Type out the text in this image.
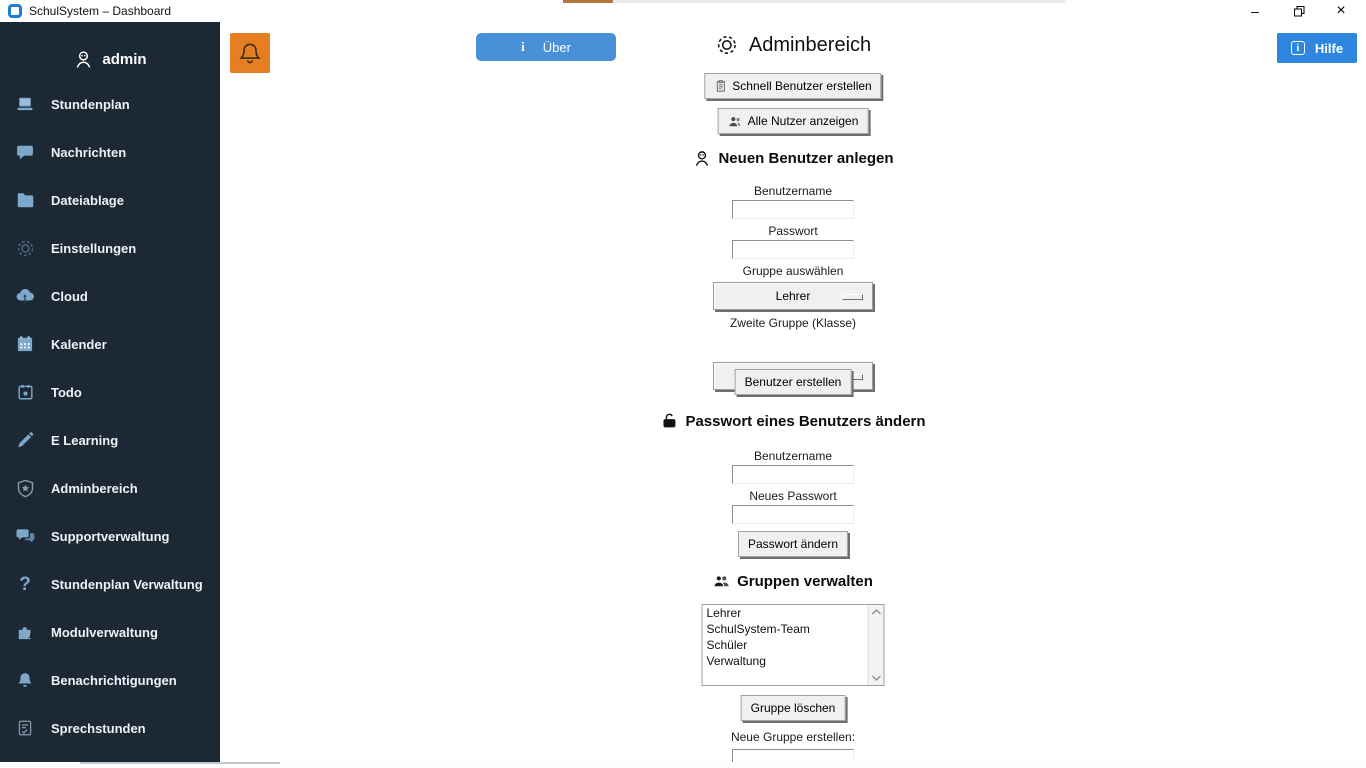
SchulSystem – Dashboard	–	×
admin
Stundenplan
Nachrichten
Dateiablage
Einstellungen
Cloud
Kalender
Todo
E Learning
Adminbereich
Supportverwaltung
? Stundenplan Verwaltung
Modulverwaltung
Benachrichtigungen
Sprechstunden
i Über	i	Hilfe
Adminbereich
Schnell Benutzer erstellen
Alle Nutzer anzeigen
Neuen Benutzer anlegen
Benutzername
Passwort
Gruppe auswählen
Lehrer
Zweite Gruppe (Klasse)
Benutzer erstellen
Passwort eines Benutzers ändern
Benutzername
Neues Passwort
Passwort ändern
Gruppen verwalten
Lehrer
SchulSystem-Team
Schüler
Verwaltung
Gruppe löschen
Neue Gruppe erstellen:
